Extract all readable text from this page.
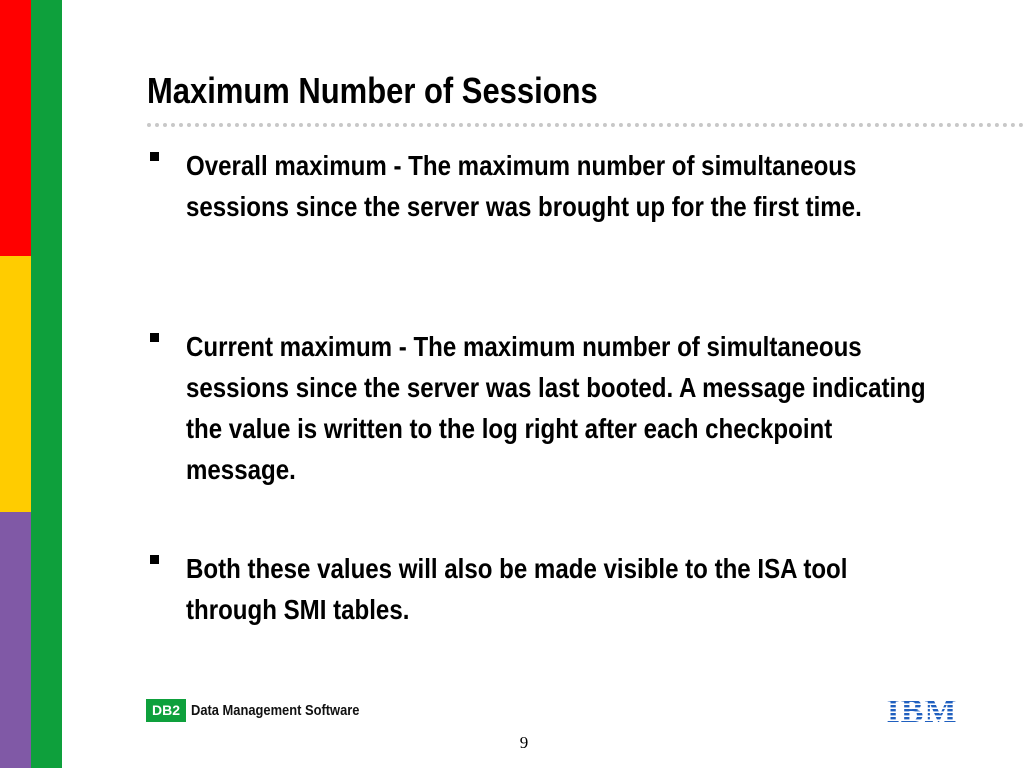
Maximum Number of Sessions
Overall maximum - The maximum number of simultaneous sessions since the server was brought up for the first time.
Current maximum - The maximum number of simultaneous sessions since the server was last booted. A message indicating the value is written to the log right after each checkpoint message.
Both these values will also be made visible to the ISA tool through SMI tables.
DB2 Data Management Software
9
